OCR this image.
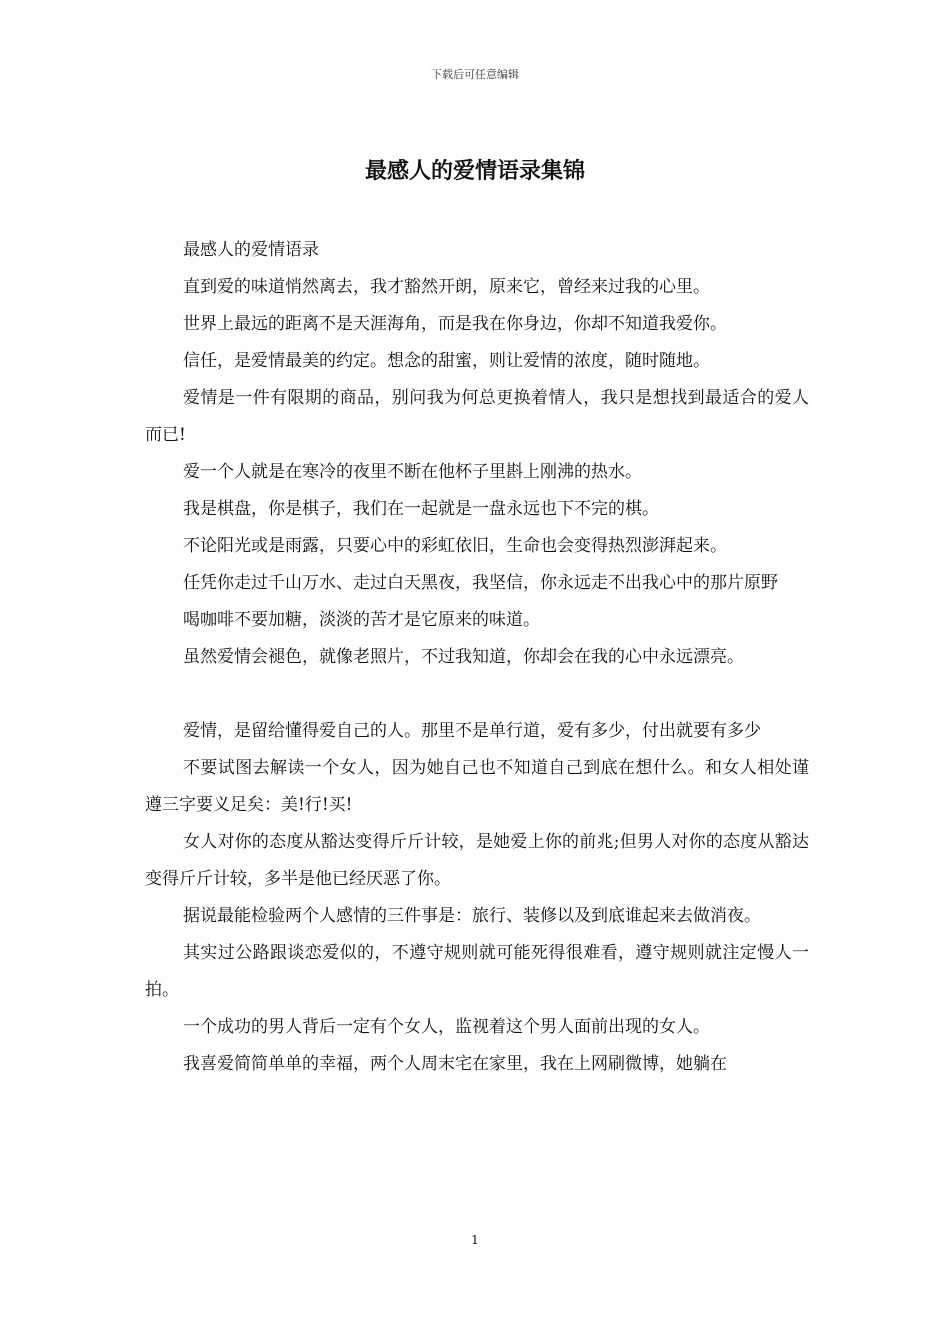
下载后可任意编辑
最感人的爱情语录集锦

最感人的爱情语录

直到爱的味道悄然离去，我才豁然开朗，原来它，曾经来过我的心里。

世界上最远的距离不是天涯海角，而是我在你身边，你却不知道我爱你。

信任，是爱情最美的约定。想念的甜蜜，则让爱情的浓度，随时随地。

爱情是一件有限期的商品，别问我为何总更换着情人，我只是想找到最适合的爱人而已!

爱一个人就是在寒冷的夜里不断在他杯子里斟上刚沸的热水。

我是棋盘，你是棋子，我们在一起就是一盘永远也下不完的棋。

不论阳光或是雨露，只要心中的彩虹依旧，生命也会变得热烈澎湃起来。

任凭你走过千山万水、走过白天黑夜，我坚信，你永远走不出我心中的那片原野

喝咖啡不要加糖，淡淡的苦才是它原来的味道。

虽然爱情会褪色，就像老照片，不过我知道，你却会在我的心中永远漂亮。

爱情，是留给懂得爱自己的人。那里不是单行道，爱有多少，付出就要有多少

不要试图去解读一个女人，因为她自己也不知道自己到底在想什么。和女人相处谨遵三字要义足矣：美!行!买!

女人对你的态度从豁达变得斤斤计较，是她爱上你的前兆;但男人对你的态度从豁达变得斤斤计较，多半是他已经厌恶了你。

据说最能检验两个人感情的三件事是：旅行、装修以及到底谁起来去做消夜。

其实过公路跟谈恋爱似的，不遵守规则就可能死得很难看，遵守规则就注定慢人一拍。

一个成功的男人背后一定有个女人，监视着这个男人面前出现的女人。

我喜爱简简单单的幸福，两个人周末宅在家里，我在上网刷微博，她躺在

1
